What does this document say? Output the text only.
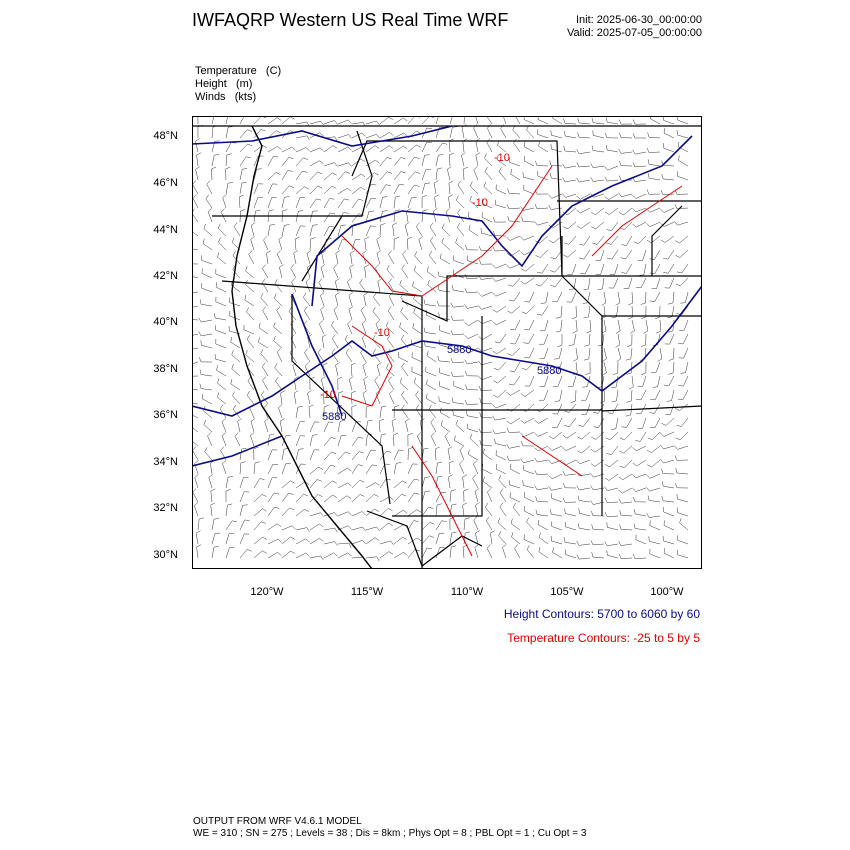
IWFAQRP Western US Real Time WRF	Init: 2025-06-30_00:00:00
Valid: 2025-07-05_00:00:00
Temperature   (C)
Height   (m)
Winds   (kts)
48°N
46°N
44°N
42°N
40°N
38°N
36°N
34°N
32°N
30°N
120°W	115°W	110°W	105°W	100°W
5880
5880
5880
-10
-10
-10
-10
Height Contours: 5700 to 6060 by 60
Temperature Contours: -25 to 5 by 5
OUTPUT FROM WRF V4.6.1 MODEL
WE = 310 ; SN = 275 ; Levels = 38 ; Dis = 8km ; Phys Opt = 8 ; PBL Opt = 1 ; Cu Opt = 3
